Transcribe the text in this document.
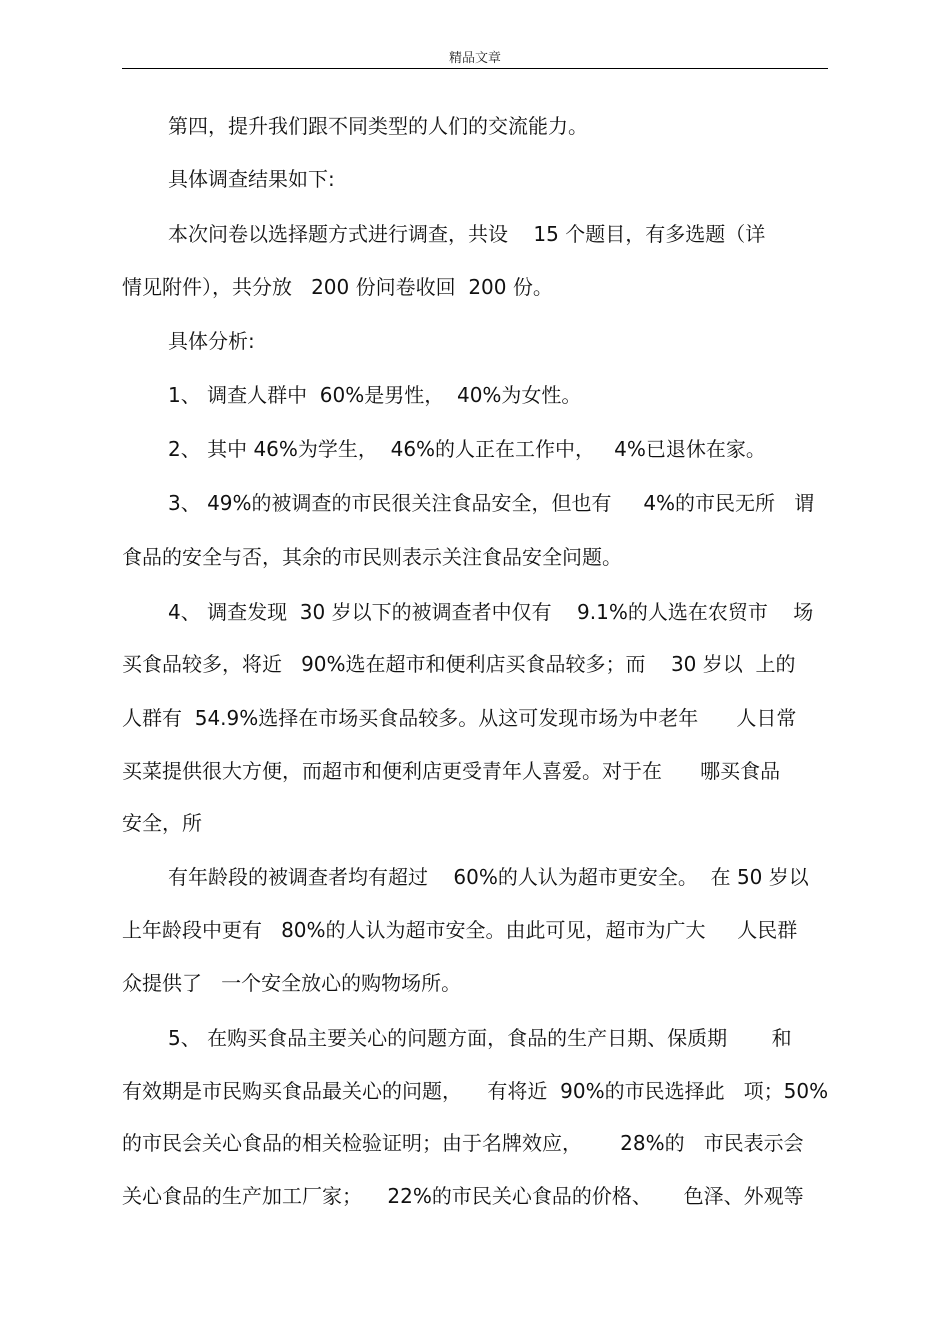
精品文章
第四，提升我们跟不同类型的人们的交流能力。
具体调查结果如下:
本次问卷以选择题方式进行调查，共设    15 个题目，有多选题（详
情见附件），共分放   200 份问卷收回  200 份。
具体分析:
1、 调查人群中  60%是男性，  40%为女性。
2、 其中 46%为学生，  46%的人正在工作中，   4%已退休在家。
3、 49%的被调查的市民很关注食品安全，但也有     4%的市民无所   谓
食品的安全与否，其余的市民则表示关注食品安全问题。
4、 调查发现  30 岁以下的被调查者中仅有    9.1%的人选在农贸市    场
买食品较多，将近   90%选在超市和便利店买食品较多；而    30 岁以  上的
人群有  54.9%选择在市场买食品较多。从这可发现市场为中老年      人日常
买菜提供很大方便，而超市和便利店更受青年人喜爱。对于在      哪买食品
安全，所
有年龄段的被调查者均有超过    60%的人认为超市更安全。  在 50 岁以
上年龄段中更有   80%的人认为超市安全。由此可见，超市为广大     人民群
众提供了   一个安全放心的购物场所。
5、 在购买食品主要关心的问题方面，食品的生产日期、保质期       和
有效期是市民购买食品最关心的问题，    有将近  90%的市民选择此   项；50%
的市民会关心食品的相关检验证明；由于名牌效应，      28%的   市民表示会
关心食品的生产加工厂家；    22%的市民关心食品的价格、     色泽、外观等
